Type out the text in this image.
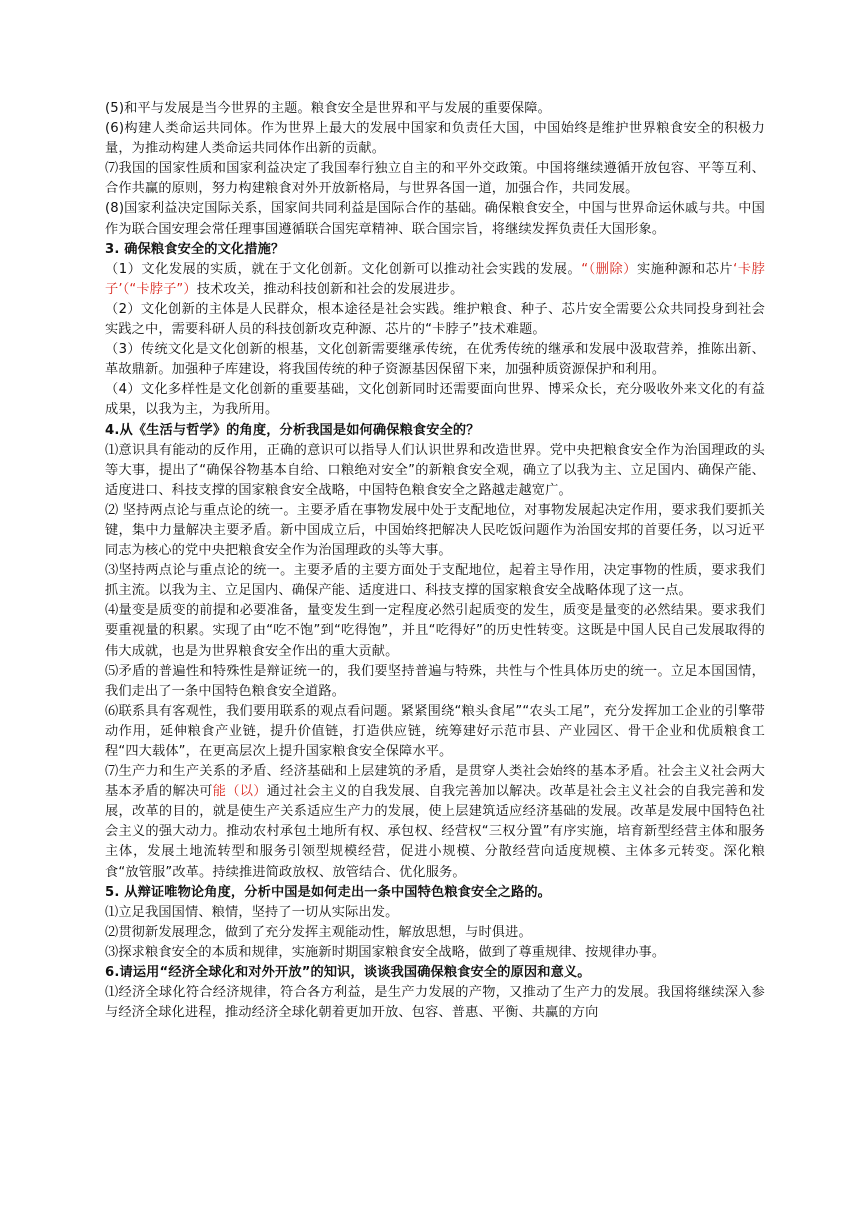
(5)和平与发展是当今世界的主题。粮食安全是世界和平与发展的重要保障。

(6)构建人类命运共同体。作为世界上最大的发展中国家和负责任大国，中国始终是维护世界粮食安全的积极力量，为推动构建人类命运共同体作出新的贡献。

⑺我国的国家性质和国家利益决定了我国奉行独立自主的和平外交政策。中国将继续遵循开放包容、平等互利、合作共赢的原则，努力构建粮食对外开放新格局，与世界各国一道，加强合作，共同发展。

(8)国家利益决定国际关系，国家间共同利益是国际合作的基础。确保粮食安全，中国与世界命运休戚与共。中国作为联合国安理会常任理事国遵循联合国宪章精神、联合国宗旨，将继续发挥负责任大国形象。

3. 确保粮食安全的文化措施？

（1）文化发展的实质，就在于文化创新。文化创新可以推动社会实践的发展。“（删除）实施种源和芯片‘卡脖子’（“卡脖子”）技术攻关，推动科技创新和社会的发展进步。

（2）文化创新的主体是人民群众，根本途径是社会实践。维护粮食、种子、芯片安全需要公众共同投身到社会实践之中，需要科研人员的科技创新攻克种源、芯片的“卡脖子”技术难题。

（3）传统文化是文化创新的根基，文化创新需要继承传统，在优秀传统的继承和发展中汲取营养，推陈出新、革故鼎新。加强种子库建设，将我国传统的种子资源基因保留下来，加强种质资源保护和利用。

（4）文化多样性是文化创新的重要基础，文化创新同时还需要面向世界、博采众长，充分吸收外来文化的有益成果，以我为主，为我所用。

4.从《生活与哲学》的角度，分析我国是如何确保粮食安全的？

⑴意识具有能动的反作用，正确的意识可以指导人们认识世界和改造世界。党中央把粮食安全作为治国理政的头等大事，提出了“确保谷物基本自给、口粮绝对安全”的新粮食安全观，确立了以我为主、立足国内、确保产能、适度进口、科技支撑的国家粮食安全战略，中国特色粮食安全之路越走越宽广。

⑵ 坚持两点论与重点论的统一。主要矛盾在事物发展中处于支配地位，对事物发展起决定作用，要求我们要抓关键，集中力量解决主要矛盾。新中国成立后，中国始终把解决人民吃饭问题作为治国安邦的首要任务，以习近平同志为核心的党中央把粮食安全作为治国理政的头等大事。

⑶坚持两点论与重点论的统一。主要矛盾的主要方面处于支配地位，起着主导作用，决定事物的性质，要求我们抓主流。以我为主、立足国内、确保产能、适度进口、科技支撑的国家粮食安全战略体现了这一点。

⑷量变是质变的前提和必要准备，量变发生到一定程度必然引起质变的发生，质变是量变的必然结果。要求我们要重视量的积累。实现了由“吃不饱”到“吃得饱”，并且“吃得好”的历史性转变。这既是中国人民自己发展取得的伟大成就，也是为世界粮食安全作出的重大贡献。

⑸矛盾的普遍性和特殊性是辩证统一的，我们要坚持普遍与特殊，共性与个性具体历史的统一。立足本国国情，我们走出了一条中国特色粮食安全道路。

⑹联系具有客观性，我们要用联系的观点看问题。紧紧围绕“粮头食尾”“农头工尾”，充分发挥加工企业的引擎带动作用，延伸粮食产业链，提升价值链，打造供应链，统筹建好示范市县、产业园区、骨干企业和优质粮食工程“四大载体”，在更高层次上提升国家粮食安全保障水平。

⑺生产力和生产关系的矛盾、经济基础和上层建筑的矛盾，是贯穿人类社会始终的基本矛盾。社会主义社会两大基本矛盾的解决可能（以）通过社会主义的自我发展、自我完善加以解决。改革是社会主义社会的自我完善和发展，改革的目的，就是使生产关系适应生产力的发展，使上层建筑适应经济基础的发展。改革是发展中国特色社会主义的强大动力。推动农村承包土地所有权、承包权、经营权“三权分置”有序实施，培育新型经营主体和服务主体，发展土地流转型和服务引领型规模经营，促进小规模、分散经营向适度规模、主体多元转变。深化粮食“放管服”改革。持续推进简政放权、放管结合、优化服务。

5. 从辩证唯物论角度，分析中国是如何走出一条中国特色粮食安全之路的。

⑴立足我国国情、粮情，坚持了一切从实际出发。

⑵贯彻新发展理念，做到了充分发挥主观能动性，解放思想，与时俱进。

⑶探求粮食安全的本质和规律，实施新时期国家粮食安全战略，做到了尊重规律、按规律办事。

6.请运用“经济全球化和对外开放”的知识，谈谈我国确保粮食安全的原因和意义。

⑴经济全球化符合经济规律，符合各方利益，是生产力发展的产物，又推动了生产力的发展。我国将继续深入参与经济全球化进程，推动经济全球化朝着更加开放、包容、普惠、平衡、共赢的方向
